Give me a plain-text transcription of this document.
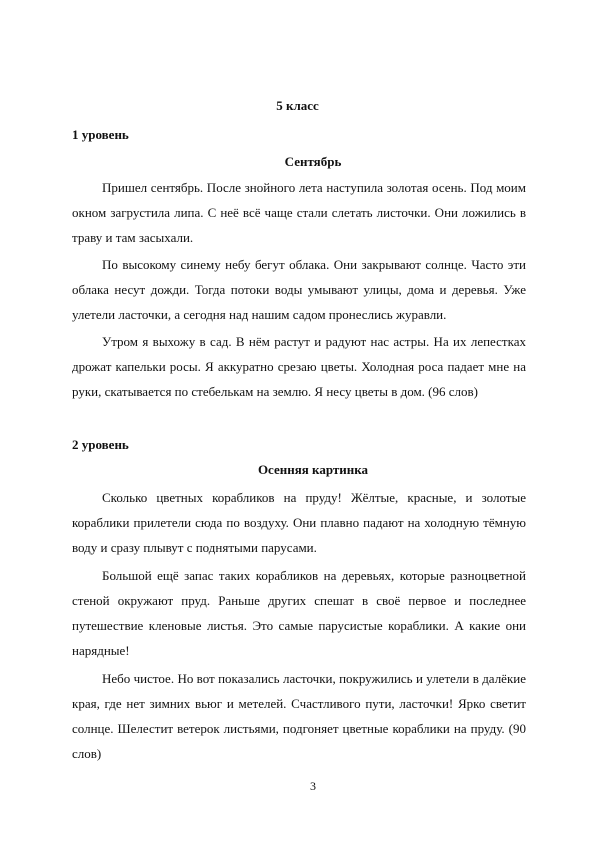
5 класс
1 уровень
Сентябрь

Пришел сентябрь. После знойного лета наступила золотая осень. Под моим окном загрустила липа. С неё всё чаще стали слетать листочки. Они ложились в траву и там засыхали.

По высокому синему небу бегут облака. Они закрывают солнце. Часто эти облака несут дожди. Тогда потоки воды умывают улицы, дома и деревья. Уже улетели ласточки, а сегодня над нашим садом пронеслись журавли.

Утром я выхожу в сад. В нём растут и радуют нас астры. На их лепестках дрожат капельки росы. Я аккуратно срезаю цветы. Холодная роса падает мне на руки, скатывается по стебелькам на землю. Я несу цветы в дом. (96 слов)

2 уровень
Осенняя картинка

Сколько цветных корабликов на пруду! Жёлтые, красные, и золотые кораблики прилетели сюда по воздуху. Они плавно падают на холодную тёмную воду и сразу плывут с поднятыми парусами.

Большой ещё запас таких корабликов на деревьях, которые разноцветной стеной окружают пруд. Раньше других спешат в своё первое и последнее путешествие кленовые листья. Это самые парусистые кораблики. А какие они нарядные!

Небо чистое. Но вот показались ласточки, покружились и улетели в далёкие края, где нет зимних вьюг и метелей. Счастливого пути, ласточки! Ярко светит солнце. Шелестит ветерок листьями, подгоняет цветные кораблики на пруду. (90 слов)

3
